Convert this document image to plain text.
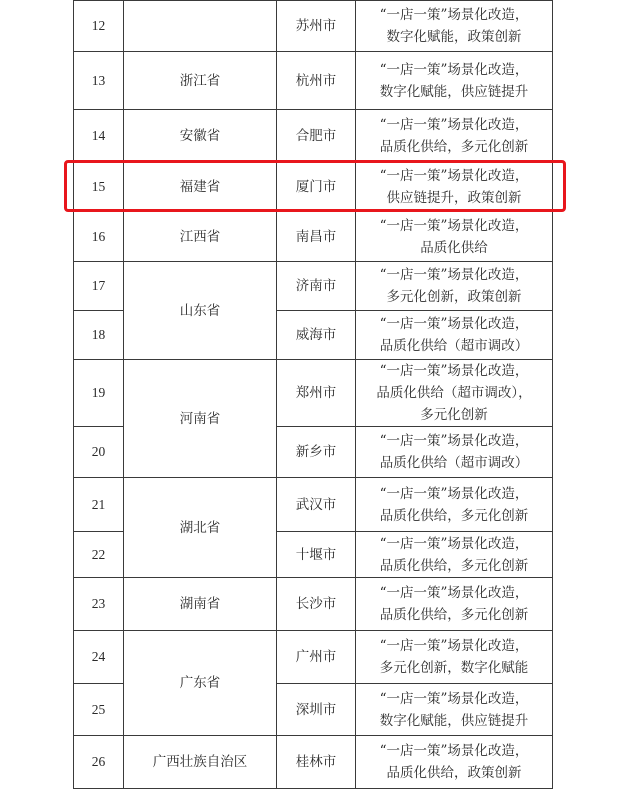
12		苏州市	“一店一策”场景化改造，
数字化赋能，政策创新

13	浙江省	杭州市	“一店一策”场景化改造，
数字化赋能，供应链提升

14	安徽省	合肥市	“一店一策”场景化改造，
品质化供给，多元化创新

15	福建省	厦门市	“一店一策”场景化改造，
供应链提升，政策创新

16	江西省	南昌市	“一店一策”场景化改造，
品质化供给

17	山东省	济南市	“一店一策”场景化改造，
多元化创新，政策创新

18		威海市	“一店一策”场景化改造，
品质化供给（超市调改）

19	河南省	郑州市	“一店一策”场景化改造，
品质化供给（超市调改），
多元化创新

20		新乡市	“一店一策”场景化改造，
品质化供给（超市调改）

21	湖北省	武汉市	“一店一策”场景化改造，
品质化供给，多元化创新

22		十堰市	“一店一策”场景化改造，
品质化供给，多元化创新

23	湖南省	长沙市	“一店一策”场景化改造，
品质化供给，多元化创新

24	广东省	广州市	“一店一策”场景化改造，
多元化创新，数字化赋能

25		深圳市	“一店一策”场景化改造，
数字化赋能，供应链提升

26	广西壮族自治区	桂林市	“一店一策”场景化改造，
品质化供给，政策创新
